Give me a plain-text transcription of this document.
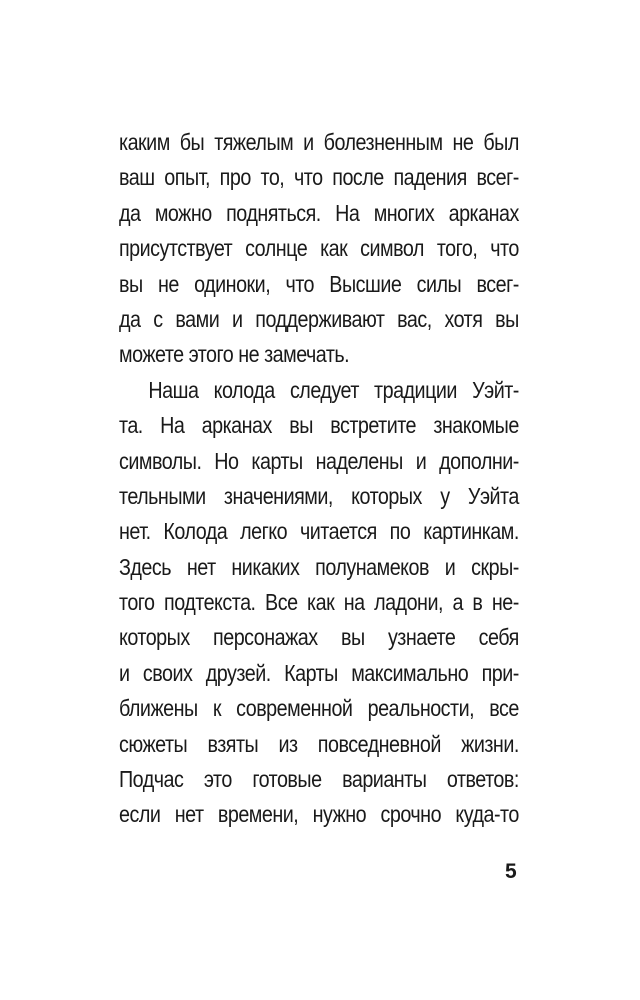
каким бы тяжелым и болезненным не был
ваш опыт, про то, что после падения всег-
да можно подняться. На многих арканах
присутствует солнце как символ того, что
вы не одиноки, что Высшие силы всег-
да с вами и поддерживают вас, хотя вы
можете этого не замечать.
Наша колода следует традиции Уэйт-
та. На арканах вы встретите знакомые
символы. Но карты наделены и дополни-
тельными значениями, которых у Уэйта
нет. Колода легко читается по картинкам.
Здесь нет никаких полунамеков и скры-
того подтекста. Все как на ладони, а в не-
которых персонажах вы узнаете себя
и своих друзей. Карты максимально при-
ближены к современной реальности, все
сюжеты взяты из повседневной жизни.
Подчас это готовые варианты ответов:
если нет времени, нужно срочно куда-то
5
